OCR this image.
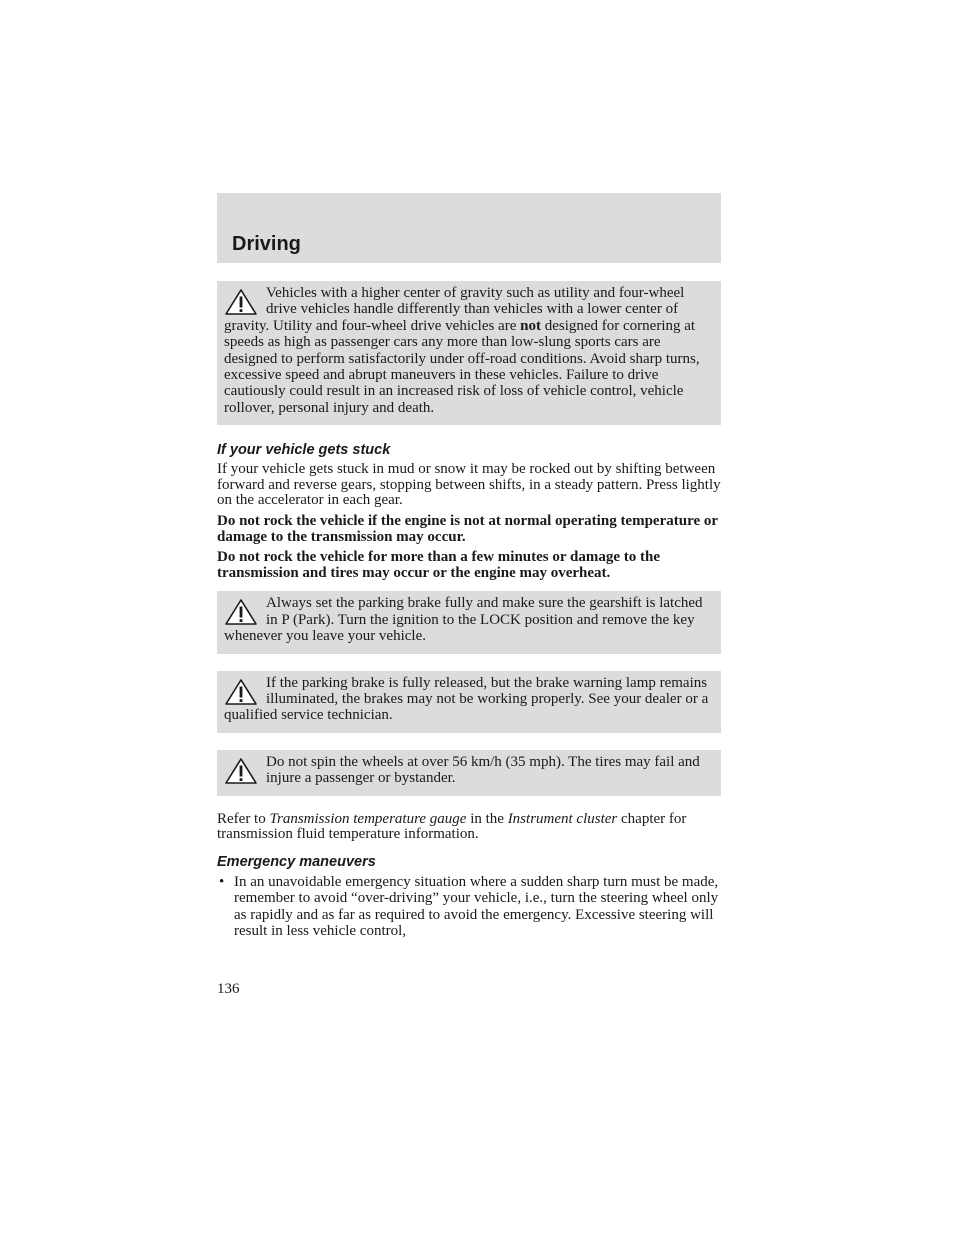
Driving
Vehicles with a higher center of gravity such as utility and four-wheel drive vehicles handle differently than vehicles with a lower center of gravity. Utility and four-wheel drive vehicles are not designed for cornering at speeds as high as passenger cars any more than low-slung sports cars are designed to perform satisfactorily under off-road conditions. Avoid sharp turns, excessive speed and abrupt maneuvers in these vehicles. Failure to drive cautiously could result in an increased risk of loss of vehicle control, vehicle rollover, personal injury and death.
If your vehicle gets stuck

If your vehicle gets stuck in mud or snow it may be rocked out by shifting between forward and reverse gears, stopping between shifts, in a steady pattern. Press lightly on the accelerator in each gear.

Do not rock the vehicle if the engine is not at normal operating temperature or damage to the transmission may occur.

Do not rock the vehicle for more than a few minutes or damage to the transmission and tires may occur or the engine may overheat.

Always set the parking brake fully and make sure the gearshift is latched in P (Park). Turn the ignition to the LOCK position and remove the key whenever you leave your vehicle.
If the parking brake is fully released, but the brake warning lamp remains illuminated, the brakes may not be working properly. See your dealer or a qualified service technician.
Do not spin the wheels at over 56 km/h (35 mph). The tires may fail and injure a passenger or bystander.

Refer to Transmission temperature gauge in the Instrument cluster chapter for transmission fluid temperature information.

Emergency maneuvers
• In an unavoidable emergency situation where a sudden sharp turn must be made, remember to avoid “over-driving” your vehicle, i.e., turn the steering wheel only as rapidly and as far as required to avoid the emergency. Excessive steering will result in less vehicle control,
136
